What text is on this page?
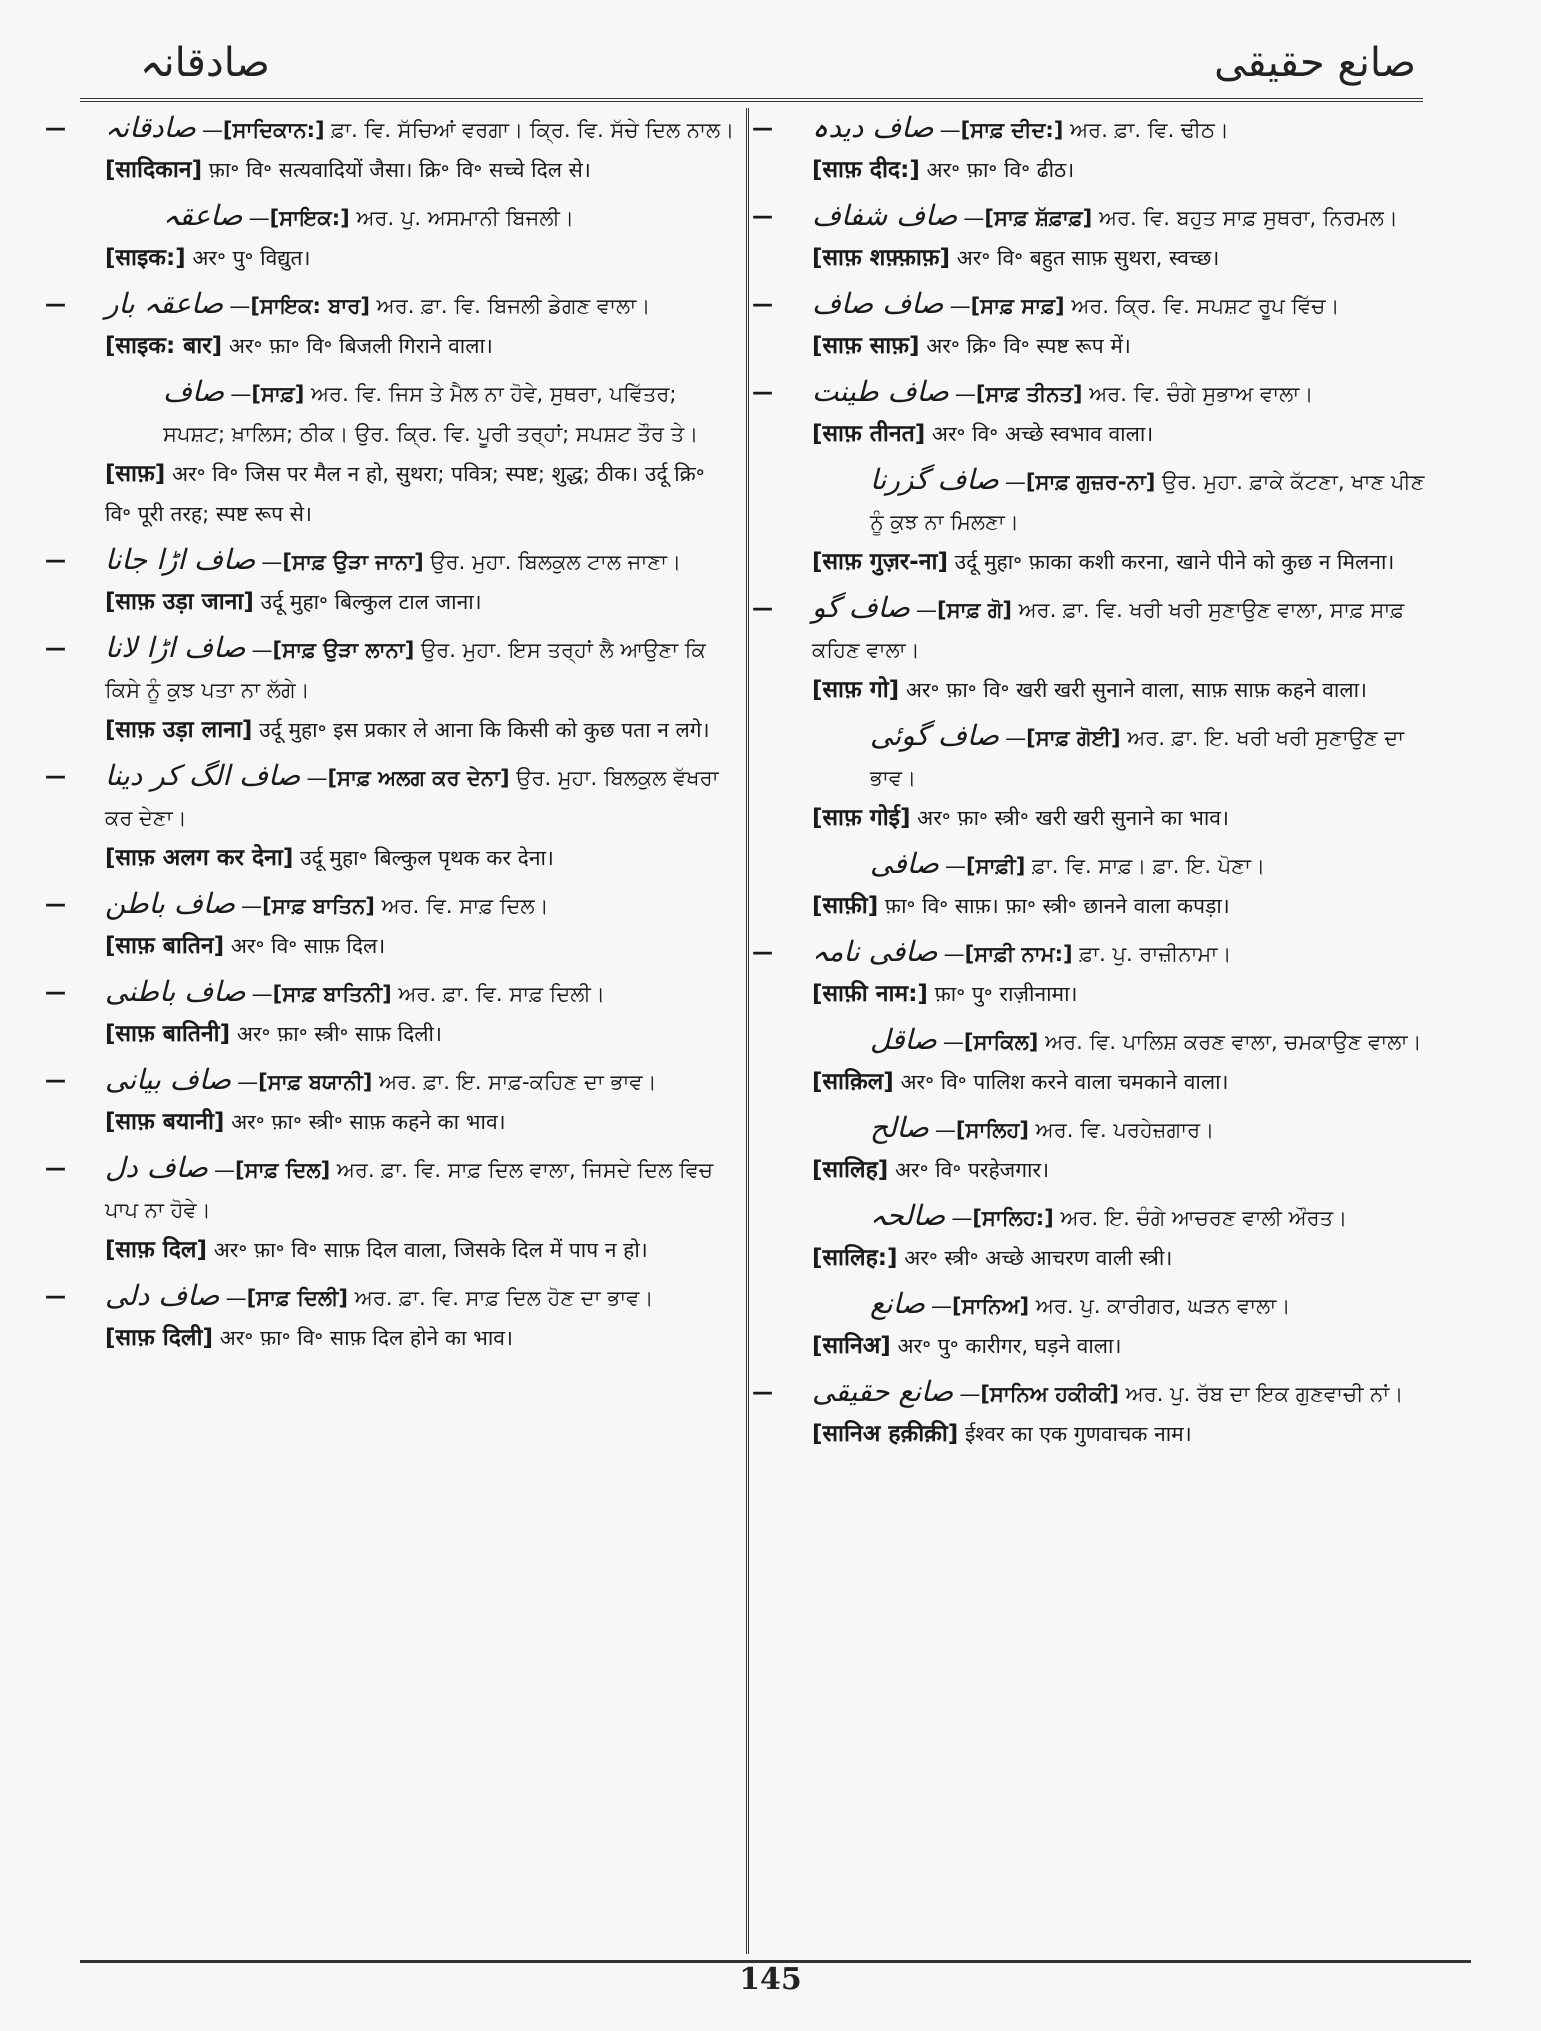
صادقانہ	صانع حقیقی
— صادقانہ —[ਸਾਦਿਕਾਨ:] ਫ਼ਾ. ਵਿ. ਸੱਚਿਆਂ ਵਰਗਾ। ਕ੍ਰਿ. ਵਿ. ਸੱਚੇ ਦਿਲ ਨਾਲ।
[सादिकान] फ़ा॰ वि॰ सत्यवादियों जैसा। क्रि॰ वि॰ सच्चे दिल से।
صاعقہ —[ਸਾਇਕ:] ਅਰ. ਪੁ. ਅਸਮਾਨੀ ਬਿਜਲੀ।
[साइक:] अर॰ पु॰ विद्युत।
— صاعقہ بار —[ਸਾਇਕ: ਬਾਰ] ਅਰ. ਫ਼ਾ. ਵਿ. ਬਿਜਲੀ ਡੇਗਣ ਵਾਲਾ।
[साइक: बार] अर॰ फ़ा॰ वि॰ बिजली गिराने वाला।
صاف —[ਸਾਫ਼] ਅਰ. ਵਿ. ਜਿਸ ਤੇ ਮੈਲ ਨਾ ਹੋਵੇ, ਸੁਥਰਾ, ਪਵਿੱਤਰ; ਸਪਸ਼ਟ; ਖ਼ਾਲਿਸ; ਠੀਕ। ਉਰ. ਕ੍ਰਿ. ਵਿ. ਪੂਰੀ ਤਰ੍ਹਾਂ; ਸਪਸ਼ਟ ਤੌਰ ਤੇ।
[साफ़] अर॰ वि॰ जिस पर मैल न हो, सुथरा; पवित्र; स्पष्ट; शुद्ध; ठीक। उर्दू क्रि॰ वि॰ पूरी तरह; स्पष्ट रूप से।
— صاف اڑا جانا —[ਸਾਫ਼ ਉੜਾ ਜਾਨਾ] ਉਰ. ਮੁਹਾ. ਬਿਲਕੁਲ ਟਾਲ ਜਾਣਾ।
[साफ़ उड़ा जाना] उर्दू मुहा॰ बिल्कुल टाल जाना।
— صاف اڑا لانا —[ਸਾਫ਼ ਉੜਾ ਲਾਨਾ] ਉਰ. ਮੁਹਾ. ਇਸ ਤਰ੍ਹਾਂ ਲੈ ਆਉਣਾ ਕਿ ਕਿਸੇ ਨੂੰ ਕੁਝ ਪਤਾ ਨਾ ਲੱਗੇ।
[साफ़ उड़ा लाना] उर्दू मुहा॰ इस प्रकार ले आना कि किसी को कुछ पता न लगे।
— صاف الگ کر دینا —[ਸਾਫ਼ ਅਲਗ ਕਰ ਦੇਨਾ] ਉਰ. ਮੁਹਾ. ਬਿਲਕੁਲ ਵੱਖਰਾ ਕਰ ਦੇਣਾ।
[साफ़ अलग कर देना] उर्दू मुहा॰ बिल्कुल पृथक कर देना।
— صاف باطن —[ਸਾਫ਼ ਬਾਤਿਨ] ਅਰ. ਵਿ. ਸਾਫ਼ ਦਿਲ।
[साफ़ बातिन] अर॰ वि॰ साफ़ दिल।
— صاف باطنی —[ਸਾਫ਼ ਬਾਤਿਨੀ] ਅਰ. ਫ਼ਾ. ਵਿ. ਸਾਫ਼ ਦਿਲੀ।
[साफ़ बातिनी] अर॰ फ़ा॰ स्त्री॰ साफ़ दिली।
— صاف بیانی —[ਸਾਫ਼ ਬਯਾਨੀ] ਅਰ. ਫ਼ਾ. ਇ. ਸਾਫ਼-ਕਹਿਣ ਦਾ ਭਾਵ।
[साफ़ बयानी] अर॰ फ़ा॰ स्त्री॰ साफ़ कहने का भाव।
— صاف دل —[ਸਾਫ਼ ਦਿਲ] ਅਰ. ਫ਼ਾ. ਵਿ. ਸਾਫ਼ ਦਿਲ ਵਾਲਾ, ਜਿਸਦੇ ਦਿਲ ਵਿਚ ਪਾਪ ਨਾ ਹੋਵੇ।
[साफ़ दिल] अर॰ फ़ा॰ वि॰ साफ़ दिल वाला, जिसके दिल में पाप न हो।
— صاف دلی —[ਸਾਫ਼ ਦਿਲੀ] ਅਰ. ਫ਼ਾ. ਵਿ. ਸਾਫ਼ ਦਿਲ ਹੋਣ ਦਾ ਭਾਵ।
[साफ़ दिली] अर॰ फ़ा॰ वि॰ साफ़ दिल होने का भाव।
— صاف دیدہ —[ਸਾਫ਼ ਦੀਦ:] ਅਰ. ਫ਼ਾ. ਵਿ. ਢੀਠ।
[साफ़ दीद:] अर॰ फ़ा॰ वि॰ ढीठ।
— صاف شفاف —[ਸਾਫ਼ ਸ਼ੱਫ਼ਾਫ਼] ਅਰ. ਵਿ. ਬਹੁਤ ਸਾਫ਼ ਸੁਥਰਾ, ਨਿਰਮਲ।
[साफ़ शफ़्फ़ाफ़] अर॰ वि॰ बहुत साफ़ सुथरा, स्वच्छ।
— صاف صاف —[ਸਾਫ਼ ਸਾਫ਼] ਅਰ. ਕ੍ਰਿ. ਵਿ. ਸਪਸ਼ਟ ਰੂਪ ਵਿੱਚ।
[साफ़ साफ़] अर॰ क्रि॰ वि॰ स्पष्ट रूप में।
— صاف طینت —[ਸਾਫ਼ ਤੀਨਤ] ਅਰ. ਵਿ. ਚੰਗੇ ਸੁਭਾਅ ਵਾਲਾ।
[साफ़ तीनत] अर॰ वि॰ अच्छे स्वभाव वाला।
صاف گزرنا —[ਸਾਫ਼ ਗੁਜ਼ਰ-ਨਾ] ਉਰ. ਮੁਹਾ. ਫ਼ਾਕੇ ਕੱਟਣਾ, ਖਾਣ ਪੀਣ ਨੂੰ ਕੁਝ ਨਾ ਮਿਲਣਾ।
[साफ़ गुज़र-ना] उर्दू मुहा॰ फ़ाका कशी करना, खाने पीने को कुछ न मिलना।
— صاف گو —[ਸਾਫ਼ ਗੋ] ਅਰ. ਫ਼ਾ. ਵਿ. ਖਰੀ ਖਰੀ ਸੁਣਾਉਣ ਵਾਲਾ, ਸਾਫ਼ ਸਾਫ਼ ਕਹਿਣ ਵਾਲਾ।
[साफ़ गो] अर॰ फ़ा॰ वि॰ खरी खरी सुनाने वाला, साफ़ साफ़ कहने वाला।
صاف گوئی —[ਸਾਫ਼ ਗੋਈ] ਅਰ. ਫ਼ਾ. ਇ. ਖਰੀ ਖਰੀ ਸੁਣਾਉਣ ਦਾ ਭਾਵ।
[साफ़ गोई] अर॰ फ़ा॰ स्त्री॰ खरी खरी सुनाने का भाव।
صافی —[ਸਾਫ਼ੀ] ਫ਼ਾ. ਵਿ. ਸਾਫ਼। ਫ਼ਾ. ਇ. ਪੋਣਾ।
[साफ़ी] फ़ा॰ वि॰ साफ़। फ़ा॰ स्त्री॰ छानने वाला कपड़ा।
— صافی نامہ —[ਸਾਫ਼ੀ ਨਾਮ:] ਫ਼ਾ. ਪੁ. ਰਾਜ਼ੀਨਾਮਾ।
[साफ़ी नाम:] फ़ा॰ पु॰ राज़ीनामा।
صاقل —[ਸਾਕਿਲ] ਅਰ. ਵਿ. ਪਾਲਿਸ਼ ਕਰਣ ਵਾਲਾ, ਚਮਕਾਉਣ ਵਾਲਾ।
[साक़िल] अर॰ वि॰ पालिश करने वाला चमकाने वाला।
صالح —[ਸਾਲਿਹ] ਅਰ. ਵਿ. ਪਰਹੇਜ਼ਗਾਰ।
[सालिह] अर॰ वि॰ परहेजगार।
صالحہ —[ਸਾਲਿਹ:] ਅਰ. ਇ. ਚੰਗੇ ਆਚਰਣ ਵਾਲੀ ਔਰਤ।
[सालिह:] अर॰ स्त्री॰ अच्छे आचरण वाली स्त्री।
صانع —[ਸਾਨਿਅ] ਅਰ. ਪੁ. ਕਾਰੀਗਰ, ਘੜਨ ਵਾਲਾ।
[सानिअ] अर॰ पु॰ कारीगर, घड़ने वाला।
— صانع حقیقی —[ਸਾਨਿਅ ਹਕੀਕੀ] ਅਰ. ਪੁ. ਰੱਬ ਦਾ ਇਕ ਗੁਣਵਾਚੀ ਨਾਂ।
[सानिअ हक़ीक़ी] ईश्वर का एक गुणवाचक नाम।
145
